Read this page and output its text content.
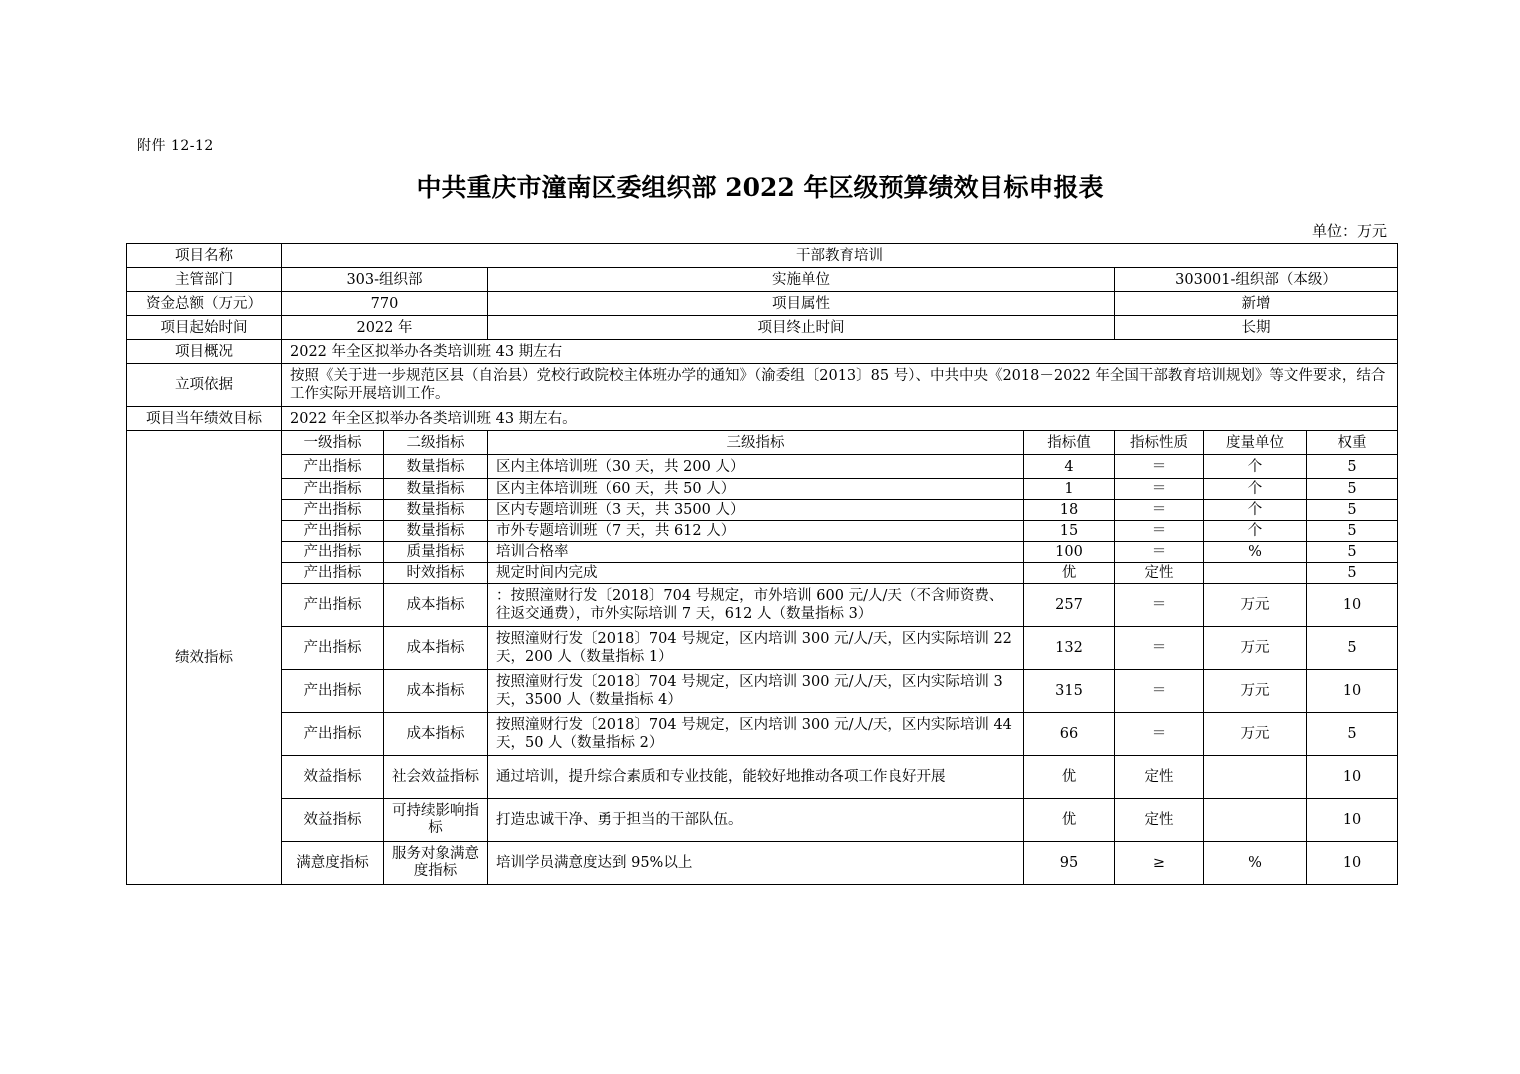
附件 12-12
中共重庆市潼南区委组织部 2022 年区级预算绩效目标申报表
单位：万元
项目名称	干部教育培训						
主管部门	303-组织部		实施单位		303001-组织部（本级）		
资金总额（万元）	770		项目属性		新增		
项目起始时间	2022 年		项目终止时间		长期		
项目概况	2022 年全区拟举办各类培训班 43 期左右						
立项依据	按照《关于进一步规范区县（自治县）党校行政院校主体班办学的通知》（渝委组〔2013〕85 号）、中共中央《2018－2022 年全国干部教育培训规划》等文件要求，结合工作实际开展培训工作。						
项目当年绩效目标	2022 年全区拟举办各类培训班 43 期左右。						
绩效指标	一级指标	二级指标	三级指标	指标值	指标性质	度量单位	权重
	产出指标	数量指标	区内主体培训班（30 天，共 200 人）	4	＝	个	5
	产出指标	数量指标	区内主体培训班（60 天，共 50 人）	1	＝	个	5
	产出指标	数量指标	区内专题培训班（3 天，共 3500 人）	18	＝	个	5
	产出指标	数量指标	市外专题培训班（7 天，共 612 人）	15	＝	个	5
	产出指标	质量指标	培训合格率	100	＝	%	5
	产出指标	时效指标	规定时间内完成	优	定性		5
	产出指标	成本指标	：按照潼财行发〔2018〕704 号规定，市外培训 600 元/人/天（不含师资费、往返交通费），市外实际培训 7 天，612 人（数量指标 3）	257	＝	万元	10
	产出指标	成本指标	按照潼财行发〔2018〕704 号规定，区内培训 300 元/人/天，区内实际培训 22 天，200 人（数量指标 1）	132	＝	万元	5
	产出指标	成本指标	按照潼财行发〔2018〕704 号规定，区内培训 300 元/人/天，区内实际培训 3 天，3500 人（数量指标 4）	315	＝	万元	10
	产出指标	成本指标	按照潼财行发〔2018〕704 号规定，区内培训 300 元/人/天，区内实际培训 44 天，50 人（数量指标 2）	66	＝	万元	5
	效益指标	社会效益指标	通过培训，提升综合素质和专业技能，能较好地推动各项工作良好开展	优	定性		10
	效益指标	可持续影响指标	打造忠诚干净、勇于担当的干部队伍。	优	定性		10
	满意度指标	服务对象满意度指标	培训学员满意度达到 95%以上	95	≥	%	10
